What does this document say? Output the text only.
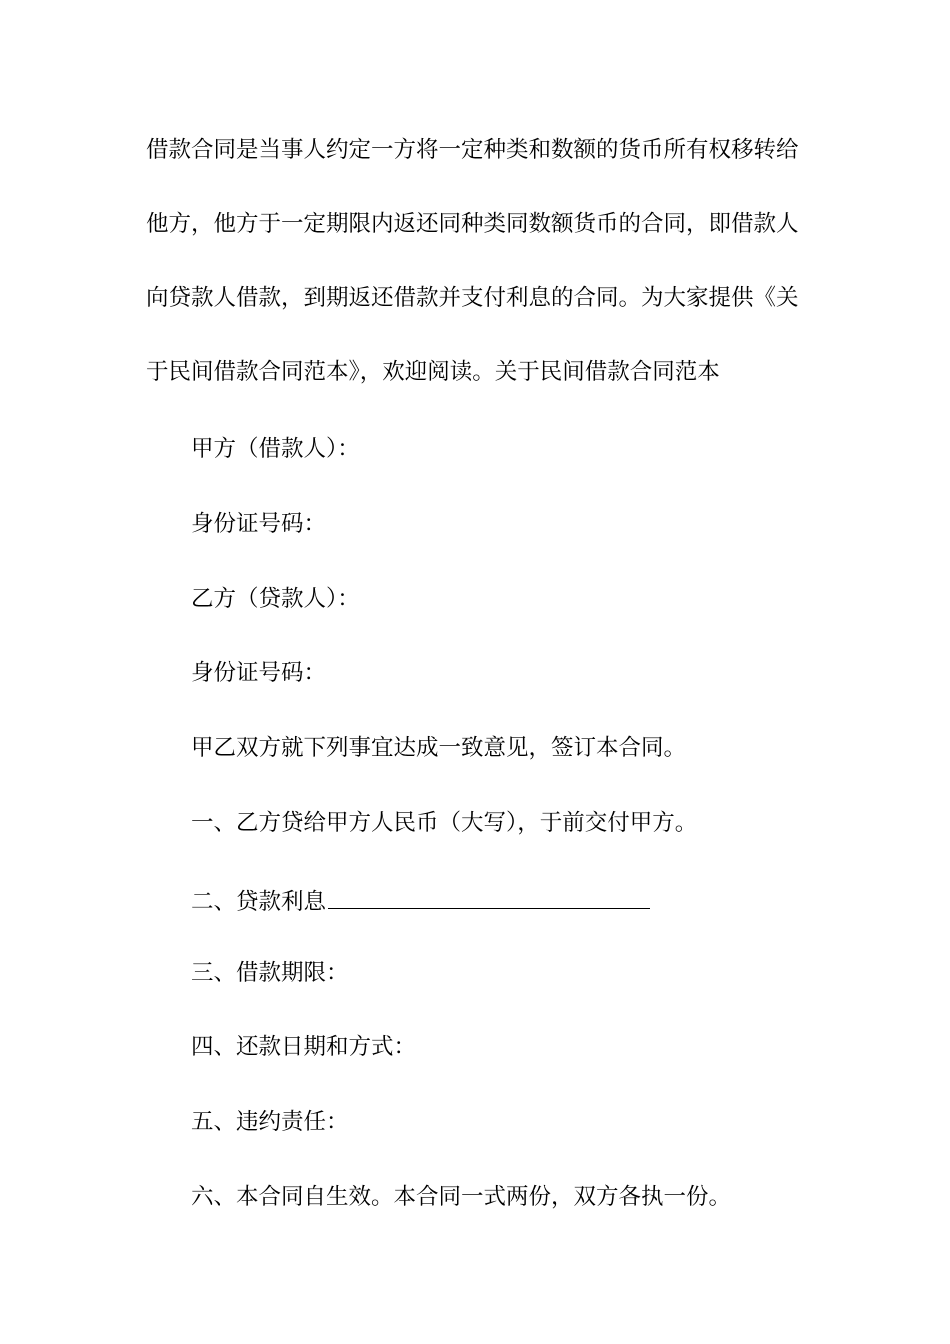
借款合同是当事人约定一方将一定种类和数额的货币所有权移转给
他方，他方于一定期限内返还同种类同数额货币的合同，即借款人
向贷款人借款，到期返还借款并支付利息的合同。为大家提供《关
于民间借款合同范本》，欢迎阅读。关于民间借款合同范本
甲方（借款人）：
身份证号码：
乙方（贷款人）：
身份证号码：
甲乙双方就下列事宜达成一致意见，签订本合同。
一、乙方贷给甲方人民币（大写），于前交付甲方。
二、贷款利息
三、借款期限：
四、还款日期和方式：
五、违约责任：
六、本合同自生效。本合同一式两份，双方各执一份。
